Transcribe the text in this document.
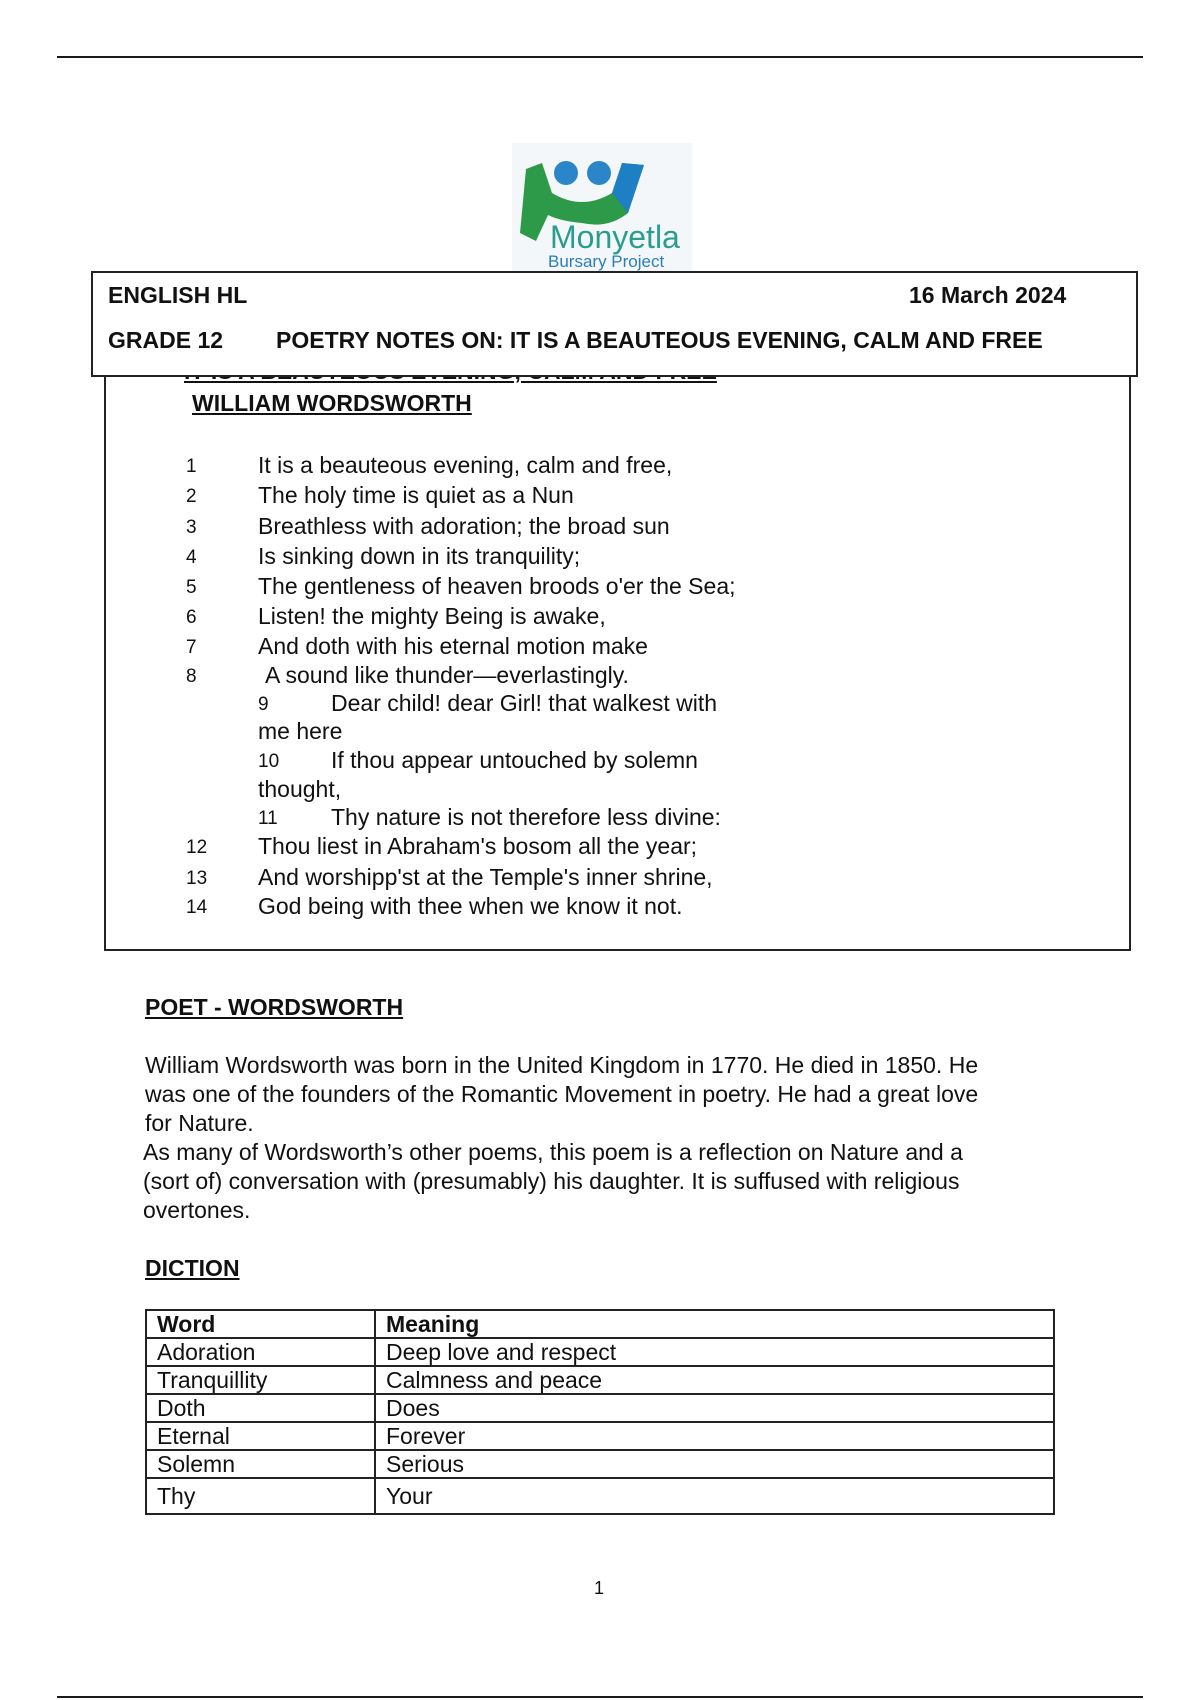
Monyetla
Bursary Project
ENGLISH HL	16 March 2024
GRADE 12 POETRY NOTES ON: IT IS A BEAUTEOUS EVENING, CALM AND FREE
WILLIAM WORDSWORTH
1	It is a beauteous evening, calm and free,
2	The holy time is quiet as a Nun
3	Breathless with adoration; the broad sun
4	Is sinking down in its tranquility;
5	The gentleness of heaven broods o'er the Sea;
6	Listen! the mighty Being is awake,
7	And doth with his eternal motion make
8	A sound like thunder—everlastingly.
9	Dear child! dear Girl! that walkest with
me here
10 If thou appear untouched by solemn
thought,
11 Thy nature is not therefore less divine:
12 Thou liest in Abraham's bosom all the year;
13 And worshipp'st at the Temple's inner shrine,
14 God being with thee when we know it not.
POET - WORDSWORTH
William Wordsworth was born in the United Kingdom in 1770. He died in 1850. He
was one of the founders of the Romantic Movement in poetry. He had a great love
for Nature.
As many of Wordsworth’s other poems, this poem is a reflection on Nature and a
(sort of) conversation with (presumably) his daughter. It is suffused with religious
overtones.
DICTION
Word	Meaning
Adoration	Deep love and respect
Tranquillity	Calmness and peace
Doth	Does
Eternal	Forever
Solemn	Serious
Thy	Your
1
